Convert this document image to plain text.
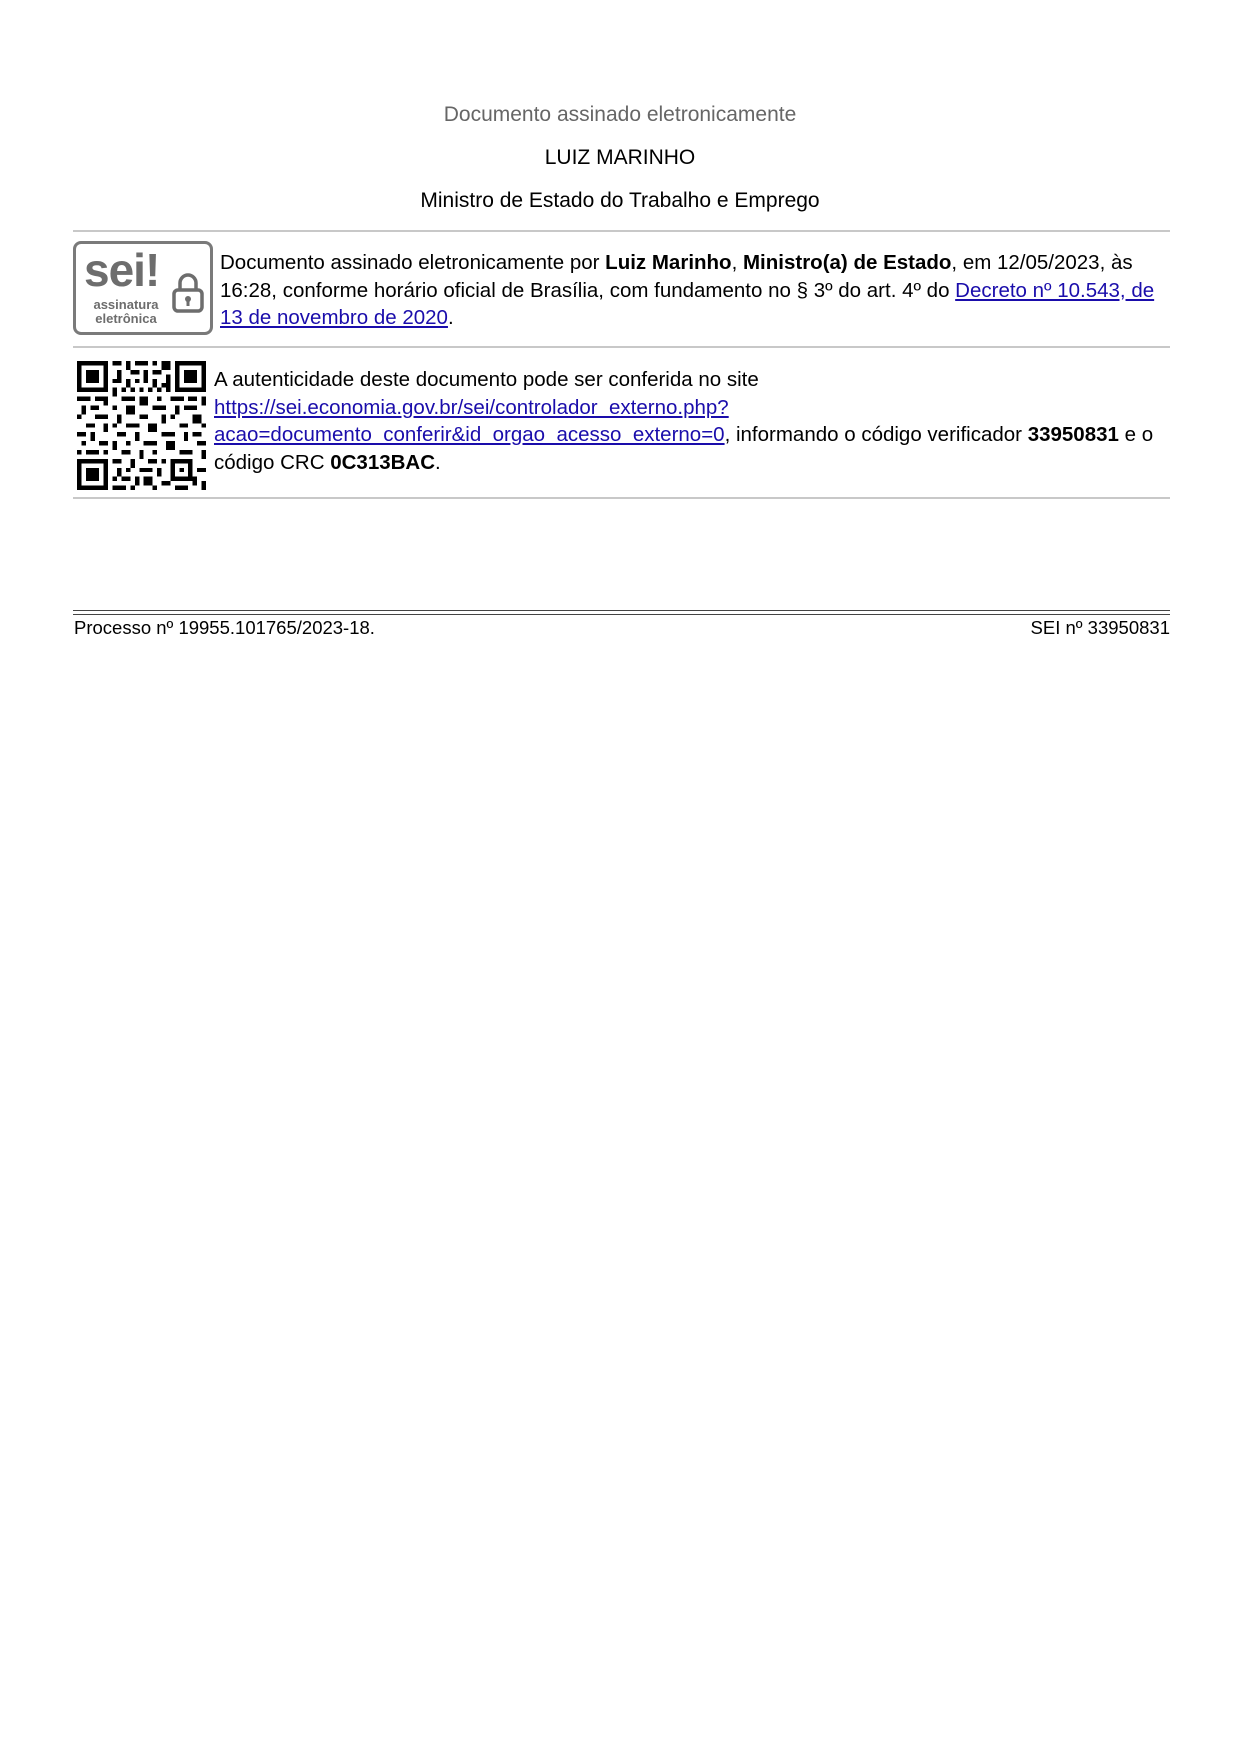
Documento assinado eletronicamente
LUIZ MARINHO
Ministro de Estado do Trabalho e Emprego
sei!
assinatura
eletrônica
Documento assinado eletronicamente por Luiz Marinho, Ministro(a) de Estado, em 12/05/2023, às 16:28, conforme horário oficial de Brasília, com fundamento no § 3º do art. 4º do Decreto nº 10.543, de 13 de novembro de 2020.
A autenticidade deste documento pode ser conferida no site
https://sei.economia.gov.br/sei/controlador_externo.php?
acao=documento_conferir&id_orgao_acesso_externo=0, informando o código verificador 33950831 e o código CRC 0C313BAC.
Processo nº 19955.101765/2023-18.	SEI nº 33950831
